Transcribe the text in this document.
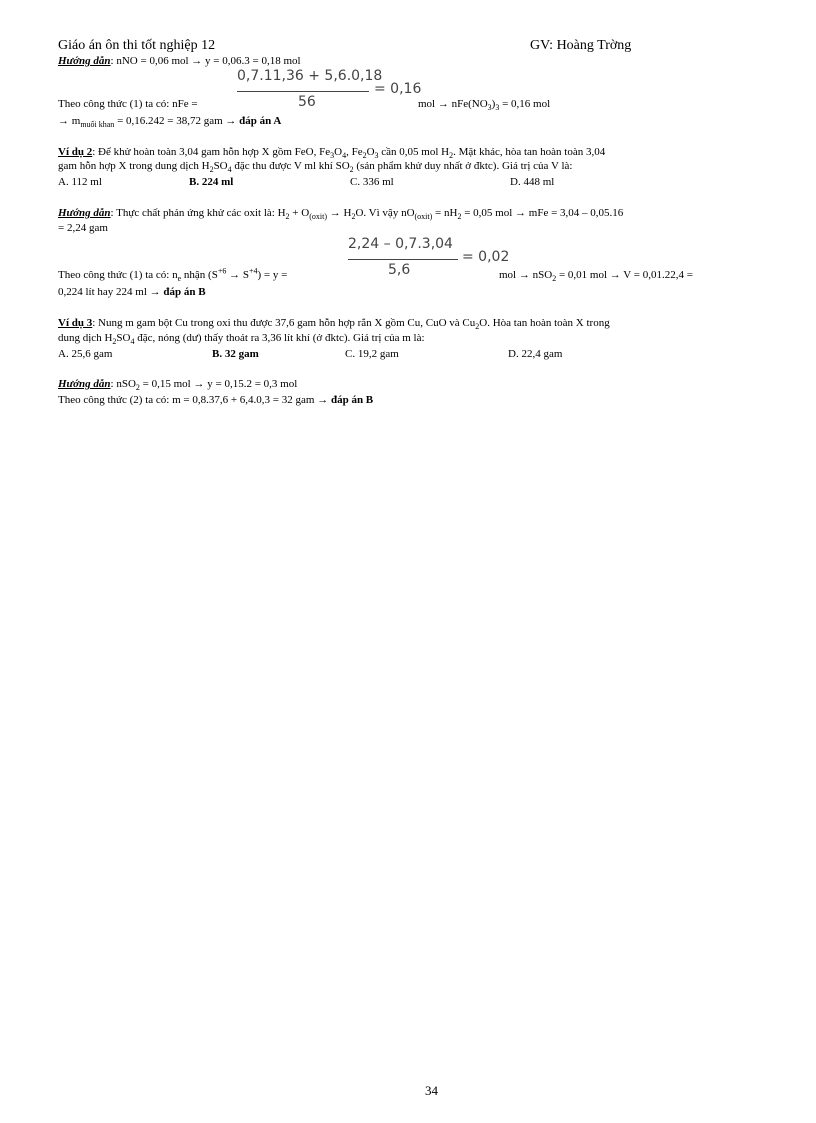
Giáo án ôn thi tốt nghiệp 12	GV: Hoàng Trờng
Hướng dẫn: nNO = 0,06 mol → y = 0,06.3 = 0,18 mol
0,7.11,36 + 5,6.0,18
56
= 0,16
Theo công thức (1) ta có: nFe =	mol → $nFe(NO_3)_3 = 0,16$ mol
→ $m_{muối khan} = 0,16.242 = 38,72$ gam → đáp án A
Ví dụ 2: Để khử hoàn toàn 3,04 gam hỗn hợp X gồm FeO, $Fe_3O_4$, $Fe_2O_3$ cần 0,05 mol $H_2$. Mặt khác, hòa tan hoàn toàn 3,04
gam hỗn hợp X trong dung dịch $H_2SO_4$ đặc thu được V ml khí $SO_2$ (sản phẩm khử duy nhất ở đktc). Giá trị của V là:
A. 112 ml	B. 224 ml	C. 336 ml	D. 448 ml
Hướng dẫn: Thực chất phản ứng khử các oxit là: $H_2 + O_{(oxit)} \to H_2O$. Vì vậy $nO_{(oxit)} = nH_2 = 0,05$ mol → mFe = 3,04 – 0,05.16
= 2,24 gam
2,24 – 0,7.3,04
5,6
= 0,02
Theo công thức (1) ta có: $n_e$ nhận $(S^{+6} \to S^{+4}) = y$ =	mol → nSO$_2$ = 0,01 mol → V = 0,01.22,4 =
0,224 lít hay 224 ml → đáp án B
Ví dụ 3: Nung m gam bột Cu trong oxi thu được 37,6 gam hỗn hợp rắn X gồm Cu, CuO và $Cu_2O$. Hòa tan hoàn toàn X trong
dung dịch $H_2SO_4$ đặc, nóng (dư) thấy thoát ra 3,36 lít khí (ở đktc). Giá trị của m là:
A. 25,6 gam	B. 32 gam	C. 19,2 gam	D. 22,4 gam
Hướng dẫn: nSO$_2$ = 0,15 mol → y = 0,15.2 = 0,3 mol
Theo công thức (2) ta có: m = 0,8.37,6 + 6,4.0,3 = 32 gam → đáp án B
34
